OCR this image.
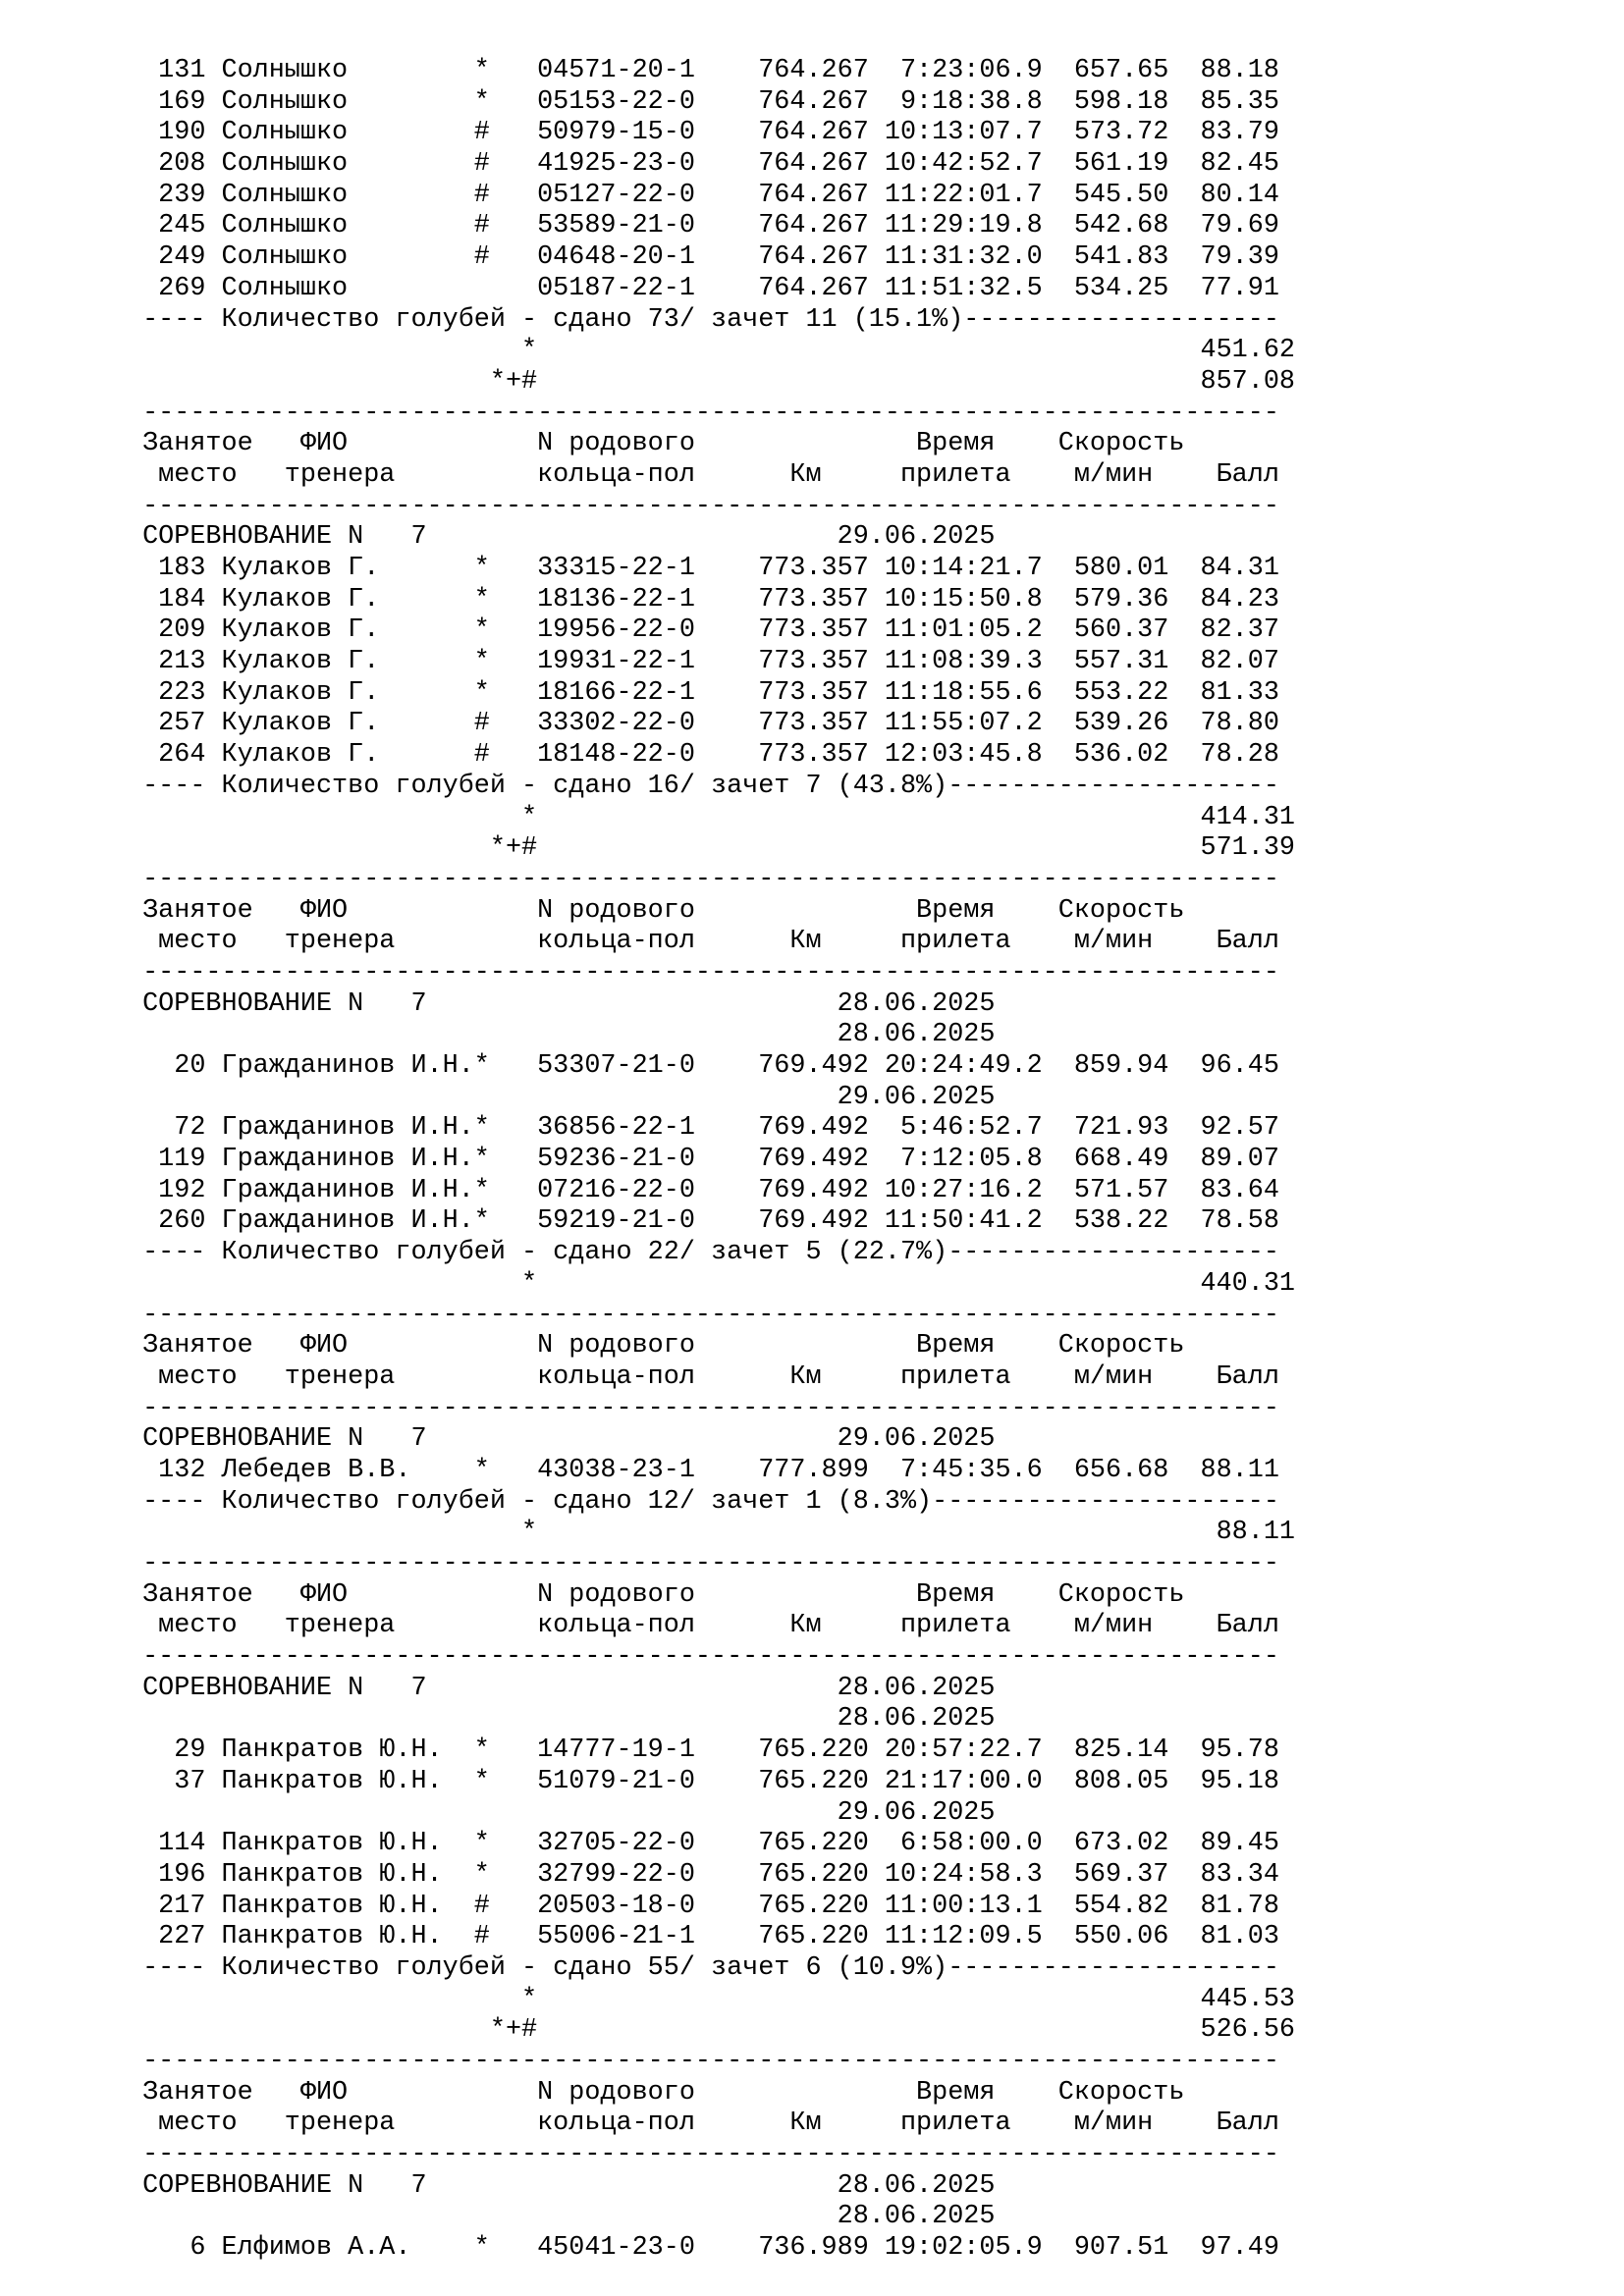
131 Солнышко        *   04571-20-1    764.267  7:23:06.9  657.65  88.18
169 Солнышко        *   05153-22-0    764.267  9:18:38.8  598.18  85.35
190 Солнышко        #   50979-15-0    764.267 10:13:07.7  573.72  83.79
208 Солнышко        #   41925-23-0    764.267 10:42:52.7  561.19  82.45
239 Солнышко        #   05127-22-0    764.267 11:22:01.7  545.50  80.14
245 Солнышко        #   53589-21-0    764.267 11:29:19.8  542.68  79.69
249 Солнышко        #   04648-20-1    764.267 11:31:32.0  541.83  79.39
269 Солнышко            05187-22-1    764.267 11:51:32.5  534.25  77.91
---- Количество голубей - сдано 73/ зачет 11 (15.1%)--------------------
*                                          451.62
*+#                                          857.08
------------------------------------------------------------------------
Занятое   ФИО            N родового              Время    Скорость
место   тренера         кольца-пол      Км     прилета    м/мин    Балл
------------------------------------------------------------------------
СОРЕВНОВАНИЕ N   7                          29.06.2025
183 Кулаков Г.      *   33315-22-1    773.357 10:14:21.7  580.01  84.31
184 Кулаков Г.      *   18136-22-1    773.357 10:15:50.8  579.36  84.23
209 Кулаков Г.      *   19956-22-0    773.357 11:01:05.2  560.37  82.37
213 Кулаков Г.      *   19931-22-1    773.357 11:08:39.3  557.31  82.07
223 Кулаков Г.      *   18166-22-1    773.357 11:18:55.6  553.22  81.33
257 Кулаков Г.      #   33302-22-0    773.357 11:55:07.2  539.26  78.80
264 Кулаков Г.      #   18148-22-0    773.357 12:03:45.8  536.02  78.28
---- Количество голубей - сдано 16/ зачет 7 (43.8%)---------------------
*                                          414.31
*+#                                          571.39
------------------------------------------------------------------------
Занятое   ФИО            N родового              Время    Скорость
место   тренера         кольца-пол      Км     прилета    м/мин    Балл
------------------------------------------------------------------------
СОРЕВНОВАНИЕ N   7                          28.06.2025
28.06.2025
20 Гражданинов И.Н.*   53307-21-0    769.492 20:24:49.2  859.94  96.45
29.06.2025
72 Гражданинов И.Н.*   36856-22-1    769.492  5:46:52.7  721.93  92.57
119 Гражданинов И.Н.*   59236-21-0    769.492  7:12:05.8  668.49  89.07
192 Гражданинов И.Н.*   07216-22-0    769.492 10:27:16.2  571.57  83.64
260 Гражданинов И.Н.*   59219-21-0    769.492 11:50:41.2  538.22  78.58
---- Количество голубей - сдано 22/ зачет 5 (22.7%)---------------------
*                                          440.31
------------------------------------------------------------------------
Занятое   ФИО            N родового              Время    Скорость
место   тренера         кольца-пол      Км     прилета    м/мин    Балл
------------------------------------------------------------------------
СОРЕВНОВАНИЕ N   7                          29.06.2025
132 Лебедев В.В.    *   43038-23-1    777.899  7:45:35.6  656.68  88.11
---- Количество голубей - сдано 12/ зачет 1 (8.3%)----------------------
*                                           88.11
------------------------------------------------------------------------
Занятое   ФИО            N родового              Время    Скорость
место   тренера         кольца-пол      Км     прилета    м/мин    Балл
------------------------------------------------------------------------
СОРЕВНОВАНИЕ N   7                          28.06.2025
28.06.2025
29 Панкратов Ю.Н.  *   14777-19-1    765.220 20:57:22.7  825.14  95.78
37 Панкратов Ю.Н.  *   51079-21-0    765.220 21:17:00.0  808.05  95.18
29.06.2025
114 Панкратов Ю.Н.  *   32705-22-0    765.220  6:58:00.0  673.02  89.45
196 Панкратов Ю.Н.  *   32799-22-0    765.220 10:24:58.3  569.37  83.34
217 Панкратов Ю.Н.  #   20503-18-0    765.220 11:00:13.1  554.82  81.78
227 Панкратов Ю.Н.  #   55006-21-1    765.220 11:12:09.5  550.06  81.03
---- Количество голубей - сдано 55/ зачет 6 (10.9%)---------------------
*                                          445.53
*+#                                          526.56
------------------------------------------------------------------------
Занятое   ФИО            N родового              Время    Скорость
место   тренера         кольца-пол      Км     прилета    м/мин    Балл
------------------------------------------------------------------------
СОРЕВНОВАНИЕ N   7                          28.06.2025
28.06.2025
6 Елфимов А.А.    *   45041-23-0    736.989 19:02:05.9  907.51  97.49
